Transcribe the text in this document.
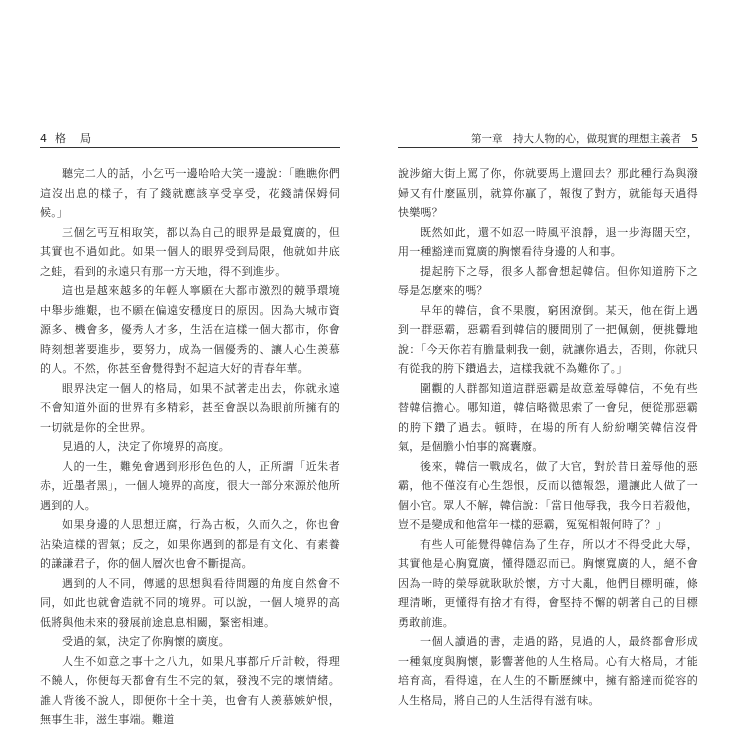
4 格局

聽完二人的話，小乞丐一邊哈哈大笑一邊說：「瞧瞧你們這沒出息的樣子，有了錢就應該享受享受，花錢請保姆伺候。」

三個乞丐互相取笑，都以為自己的眼界是最寬廣的，但其實也不過如此。如果一個人的眼界受到局限，他就如井底之蛙，看到的永遠只有那一方天地，得不到進步。

這也是越來越多的年輕人寧願在大都市激烈的競爭環境中舉步維艱，也不願在偏遠安穩度日的原因。因為大城市資源多、機會多，優秀人才多，生活在這樣一個大都市，你會時刻想著要進步，要努力，成為一個優秀的、讓人心生羨慕的人。不然，你甚至會覺得對不起這大好的青春年華。

眼界決定一個人的格局，如果不試著走出去，你就永遠不會知道外面的世界有多精彩，甚至會誤以為眼前所擁有的一切就是你的全世界。

見過的人，決定了你境界的高度。

人的一生，難免會遇到形形色色的人，正所謂「近朱者赤，近墨者黑」，一個人境界的高度，很大一部分來源於他所遇到的人。

如果身邊的人思想迂腐，行為古板，久而久之，你也會沾染這樣的習氣；反之，如果你遇到的都是有文化、有素養的謙謙君子，你的個人層次也會不斷提高。

遇到的人不同，傳遞的思想與看待問題的角度自然會不同，如此也就會造就不同的境界。可以說，一個人境界的高低將與他未來的發展前途息息相關，緊密相連。

受過的氣，決定了你胸懷的廣度。

人生不如意之事十之八九，如果凡事都斤斤計較，得理不饒人，你便每天都會有生不完的氣，發洩不完的壞情緒。誰人背後不說人，即便你十全十美，也會有人羨慕嫉妒恨，無事生非，滋生事端。難道

第一章　持大人物的心，做現實的理想主義者 5

說涉縮大街上罵了你，你就要馬上還回去？那此種行為與潑婦又有什麼區別，就算你贏了，報復了對方，就能每天過得快樂嗎？

既然如此，還不如忍一時風平浪靜，退一步海闊天空，用一種豁達而寬廣的胸懷看待身邊的人和事。

提起胯下之辱，很多人都會想起韓信。但你知道胯下之辱是怎麼來的嗎？

早年的韓信，食不果腹，窮困潦倒。某天，他在街上遇到一群惡霸，惡霸看到韓信的腰間別了一把佩劍，便挑釁地說：「今天你若有膽量刺我一劍，就讓你過去，否則，你就只有從我的胯下鑽過去，這樣我就不為難你了。」

圍觀的人群都知道這群惡霸是故意羞辱韓信，不免有些替韓信擔心。哪知道，韓信略微思索了一會兒，便從那惡霸的胯下鑽了過去。頓時，在場的所有人紛紛嘲笑韓信沒骨氣，是個膽小怕事的窩囊廢。

後來，韓信一戰成名，做了大官，對於昔日羞辱他的惡霸，他不僅沒有心生怨恨，反而以德報怨，還讓此人做了一個小官。眾人不解，韓信說：「當日他辱我，我今日若殺他，豈不是變成和他當年一樣的惡霸，冤冤相報何時了？」

有些人可能覺得韓信為了生存，所以才不得受此大辱，其實他是心胸寬廣，懂得隱忍而已。胸懷寬廣的人，絕不會因為一時的榮辱就耿耿於懷，方寸大亂，他們目標明確，條理清晰，更懂得有捨才有得，會堅持不懈的朝著自己的目標勇敢前進。

一個人讀過的書，走過的路，見過的人，最終都會形成一種氣度與胸懷，影響著他的人生格局。心有大格局，才能培育高，看得遠，在人生的不斷歷練中，擁有豁達而從容的人生格局，將自己的人生活得有滋有味。
